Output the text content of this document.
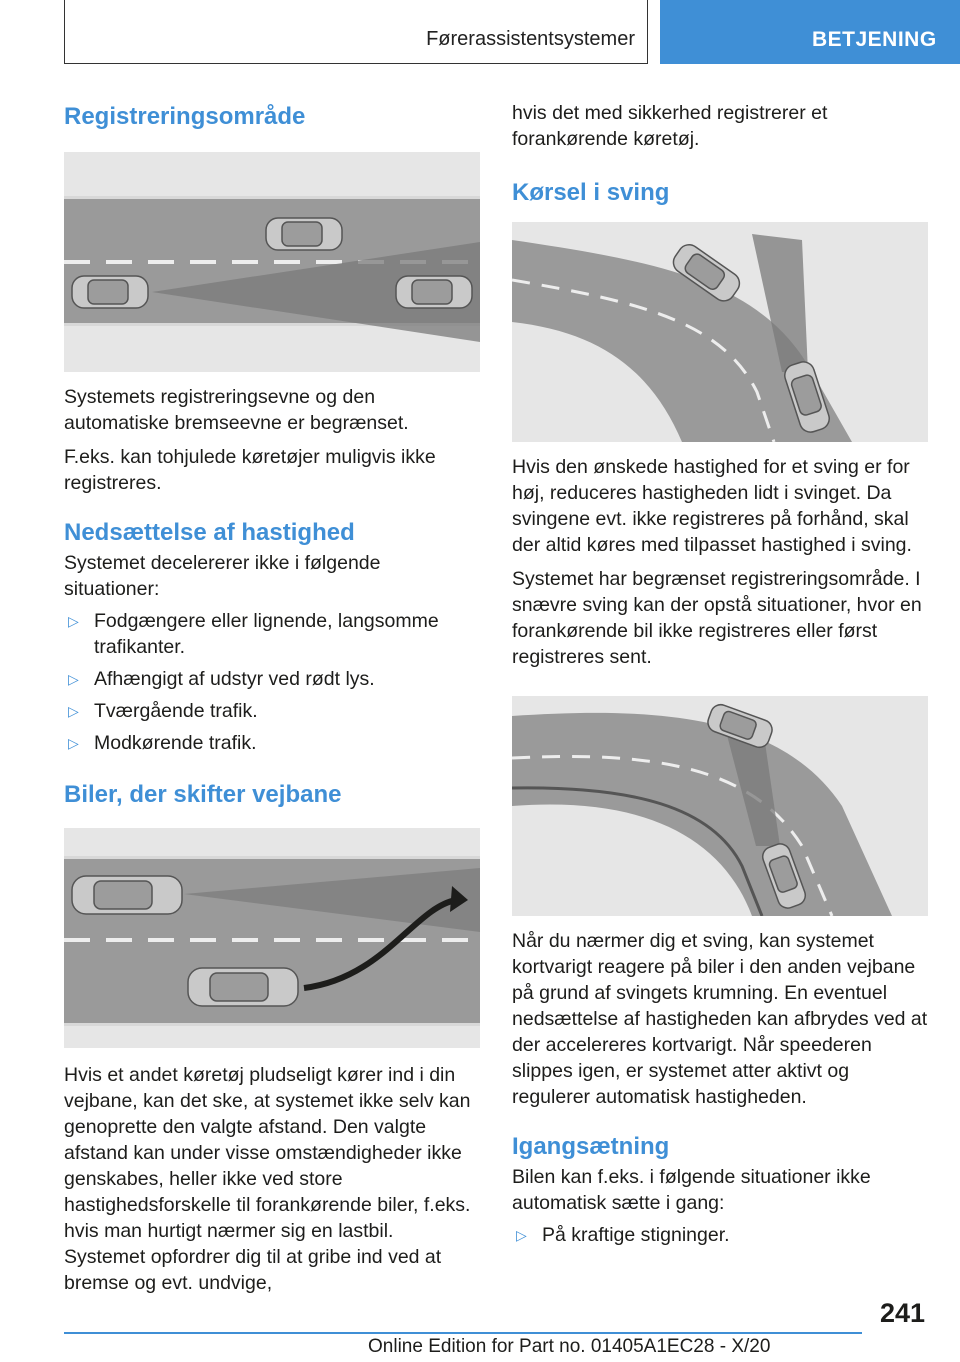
Førerassistentsystemer	BETJENING
Registreringsområde

Systemets registreringsevne og den automatiske bremseevne er begrænset.

F.eks. kan tohjulede køretøjer muligvis ikke registreres.

Nedsættelse af hastighed

Systemet decelererer ikke i følgende situationer:

▷ Fodgængere eller lignende, langsomme trafikanter.
▷ Afhængigt af udstyr ved rødt lys.
▷ Tværgående trafik.
▷ Modkørende trafik.
Biler, der skifter vejbane

Hvis et andet køretøj pludseligt kører ind i din vejbane, kan det ske, at systemet ikke selv kan genoprette den valgte afstand. Den valgte afstand kan under visse omstændigheder ikke genskabes, heller ikke ved store hastighedsforskelle til forankørende biler, f.eks. hvis man hurtigt nærmer sig en lastbil. Systemet opfordrer dig til at gribe ind ved at bremse og evt. undvige,

hvis det med sikkerhed registrerer et forankørende køretøj.

Kørsel i sving

Hvis den ønskede hastighed for et sving er for høj, reduceres hastigheden lidt i svinget. Da svingene evt. ikke registreres på forhånd, skal der altid køres med tilpasset hastighed i sving.

Systemet har begrænset registreringsområde. I snævre sving kan der opstå situationer, hvor en forankørende bil ikke registreres eller først registreres sent.

Når du nærmer dig et sving, kan systemet kortvarigt reagere på biler i den anden vejbane på grund af svingets krumning. En eventuel nedsættelse af hastigheden kan afbrydes ved at der accelereres kortvarigt. Når speederen slippes igen, er systemet atter aktivt og regulerer automatisk hastigheden.

Igangsætning

Bilen kan f.eks. i følgende situationer ikke automatisk sætte i gang:

▷ På kraftige stigninger.
241
Online Edition for Part no. 01405A1EC28 - X/20
